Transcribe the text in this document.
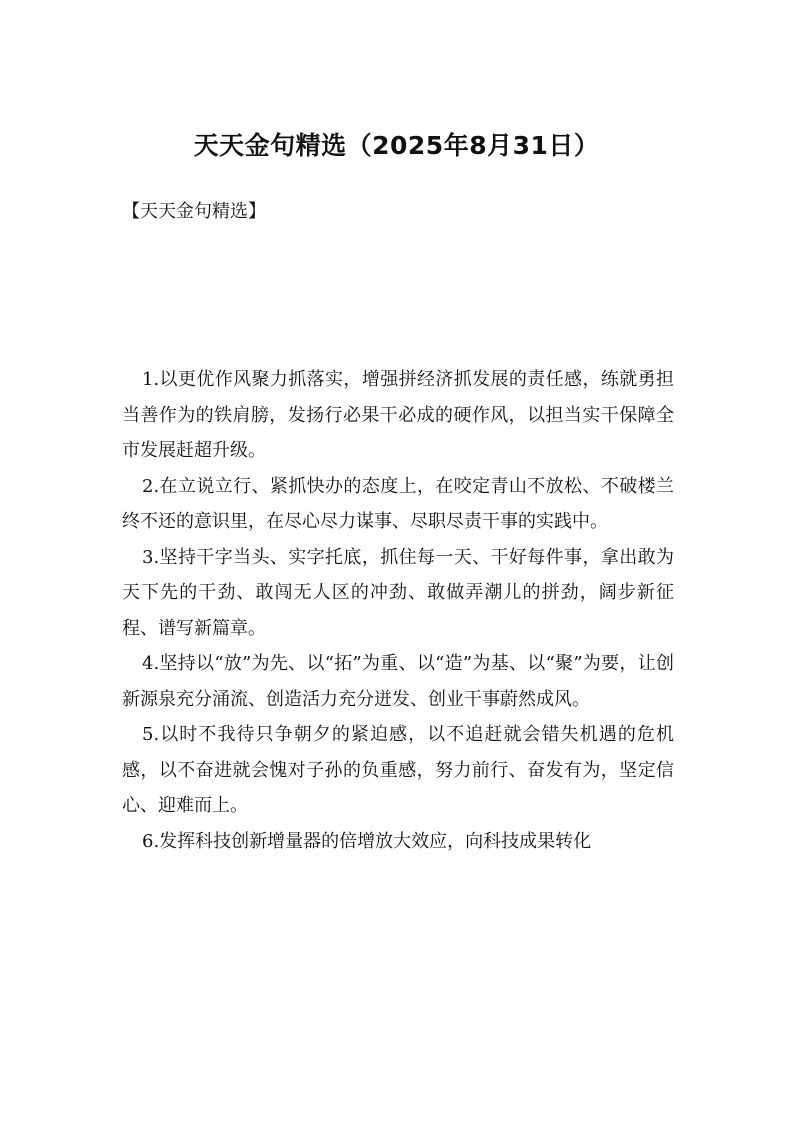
天天金句精选（2025年8月31日）

【天天金句精选】

1.以更优作风聚力抓落实，增强拼经济抓发展的责任感，练就勇担当善作为的铁肩膀，发扬行必果干必成的硬作风，以担当实干保障全市发展赶超升级。

2.在立说立行、紧抓快办的态度上，在咬定青山不放松、不破楼兰终不还的意识里，在尽心尽力谋事、尽职尽责干事的实践中。

3.坚持干字当头、实字托底，抓住每一天、干好每件事，拿出敢为天下先的干劲、敢闯无人区的冲劲、敢做弄潮儿的拼劲，阔步新征程、谱写新篇章。

4.坚持以“放”为先、以“拓”为重、以“造”为基、以“聚”为要，让创新源泉充分涌流、创造活力充分迸发、创业干事蔚然成风。

5.以时不我待只争朝夕的紧迫感，以不追赶就会错失机遇的危机感，以不奋进就会愧对子孙的负重感，努力前行、奋发有为，坚定信心、迎难而上。

6.发挥科技创新增量器的倍增放大效应，向科技成果转化
